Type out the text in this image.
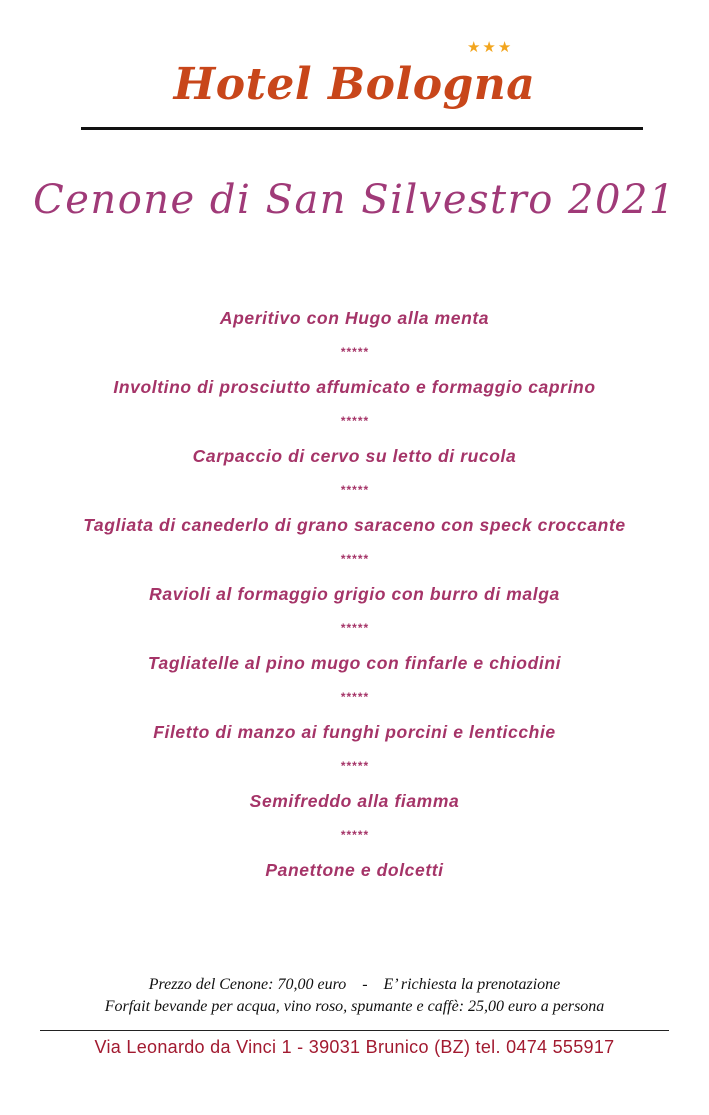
Hotel Bologna
★★★
Cenone di San Silvestro 2021
Aperitivo con Hugo alla menta
*****
Involtino di prosciutto affumicato e formaggio caprino
*****
Carpaccio di cervo su letto di rucola
*****
Tagliata di canederlo di grano saraceno con speck croccante
*****
Ravioli al formaggio grigio con burro di malga
*****
Tagliatelle al pino mugo con finfarle e chiodini
*****
Filetto di manzo ai funghi porcini e lenticchie
*****
Semifreddo alla fiamma
*****
Panettone e dolcetti
Prezzo del Cenone: 70,00 euro    -    E’ richiesta la prenotazione
Forfait bevande per acqua, vino roso, spumante e caffè: 25,00 euro a persona
Via Leonardo da Vinci 1 - 39031 Brunico (BZ) tel. 0474 555917
